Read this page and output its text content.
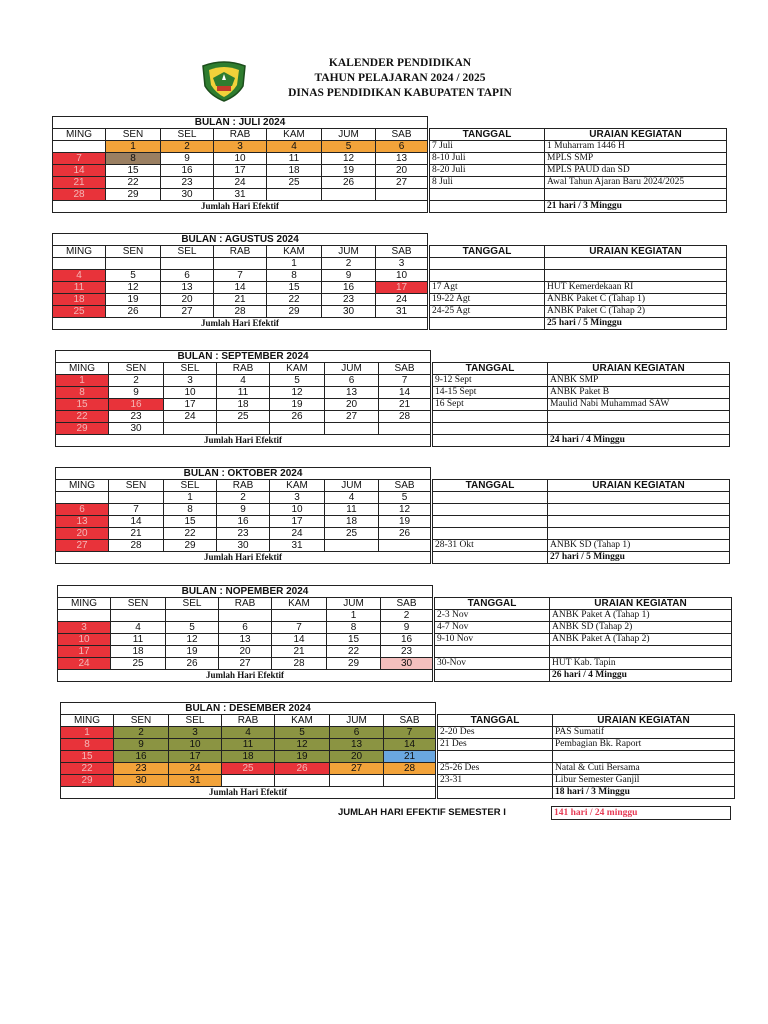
KALENDER PENDIDIKAN
TAHUN PELAJARAN 2024 / 2025
DINAS PENDIDIKAN KABUPATEN TAPIN
BULAN : JULI 2024						
MING	SEN	SEL	RAB	KAM	JUM	SAB
	1	2	3	4	5	6
7	8	9	10	11	12	13
14	15	16	17	18	19	20
21	22	23	24	25	26	27
28	29	30	31			
Jumlah Hari Efektif						
TANGGAL	URAIAN KEGIATAN
7 Juli	1 Muharram 1446 H
8-10 Juli	MPLS SMP
8-20 Juli	MPLS PAUD dan SD
8 Juli	Awal Tahun Ajaran Baru 2024/2025

	21 hari / 3 Minggu
BULAN : AGUSTUS 2024						
MING	SEN	SEL	RAB	KAM	JUM	SAB
				1	2	3
4	5	6	7	8	9	10
11	12	13	14	15	16	17
18	19	20	21	22	23	24
25	26	27	28	29	30	31
Jumlah Hari Efektif						
TANGGAL	URAIAN KEGIATAN

17 Agt	HUT Kemerdekaan RI
19-22 Agt	ANBK Paket C (Tahap 1)
24-25 Agt	ANBK Paket C (Tahap 2)
	25 hari / 5 Minggu
BULAN : SEPTEMBER 2024						
MING	SEN	SEL	RAB	KAM	JUM	SAB
1	2	3	4	5	6	7
8	9	10	11	12	13	14
15	16	17	18	19	20	21
22	23	24	25	26	27	28
29	30					
Jumlah Hari Efektif						
TANGGAL	URAIAN KEGIATAN
9-12 Sept	ANBK SMP
14-15 Sept	ANBK Paket B
16 Sept	Maulid Nabi Muhammad SAW

	24 hari / 4 Minggu
BULAN : OKTOBER 2024						
MING	SEN	SEL	RAB	KAM	JUM	SAB
		1	2	3	4	5
6	7	8	9	10	11	12
13	14	15	16	17	18	19
20	21	22	23	24	25	26
27	28	29	30	31		
Jumlah Hari Efektif						
TANGGAL	URAIAN KEGIATAN

28-31 Okt	ANBK SD (Tahap 1)
	27 hari / 5 Minggu
BULAN : NOPEMBER 2024						
MING	SEN	SEL	RAB	KAM	JUM	SAB
					1	2
3	4	5	6	7	8	9
10	11	12	13	14	15	16
17	18	19	20	21	22	23
24	25	26	27	28	29	30
Jumlah Hari Efektif						
TANGGAL	URAIAN KEGIATAN
2-3 Nov	ANBK Paket A (Tahap 1)
4-7 Nov	ANBK SD (Tahap 2)
9-10 Nov	ANBK Paket A (Tahap 2)

30-Nov	HUT Kab. Tapin
	26 hari / 4 Minggu
BULAN : DESEMBER 2024						
MING	SEN	SEL	RAB	KAM	JUM	SAB
1	2	3	4	5	6	7
8	9	10	11	12	13	14
15	16	17	18	19	20	21
22	23	24	25	26	27	28
29	30	31				
Jumlah Hari Efektif						
TANGGAL	URAIAN KEGIATAN
2-20 Des	PAS Sumatif
21 Des	Pembagian Bk. Raport

25-26 Des	Natal & Cuti Bersama
23-31	Libur Semester Ganjil
	18 hari / 3 Minggu
JUMLAH HARI EFEKTIF SEMESTER I	141 hari / 24 minggu
